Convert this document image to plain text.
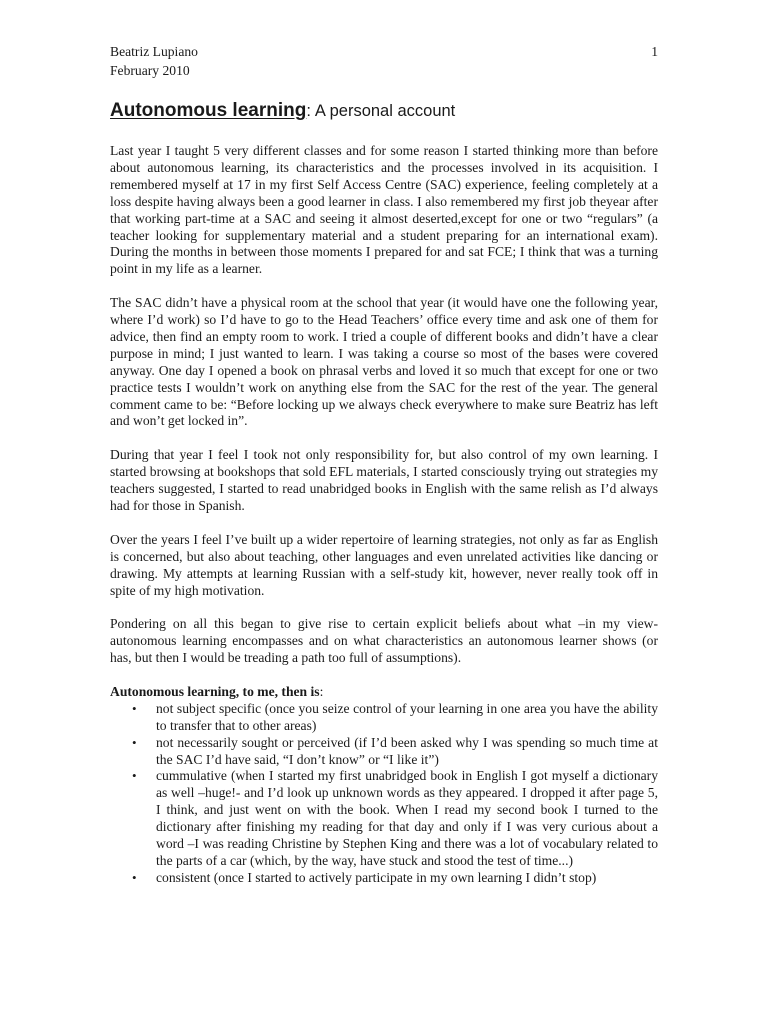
Beatriz Lupiano
February 2010
1
Autonomous learning: A personal account

Last year I taught 5 very different classes and for some reason I started thinking more than before about autonomous learning, its characteristics and the processes involved in its acquisition. I remembered myself at 17 in my first Self Access Centre (SAC) experience, feeling completely at a loss despite having always been a good learner in class. I also remembered my first job theyear after that working part-time at a SAC and seeing it almost deserted,except for one or two “regulars” (a teacher looking for supplementary material and a student preparing for an international exam). During the months in between those moments I prepared for and sat FCE; I think that was a turning point in my life as a learner.

The SAC didn’t have a physical room at the school that year (it would have one the following year, where I’d work) so I’d have to go to the Head Teachers’ office every time and ask one of them for advice, then find an empty room to work. I tried a couple of different books and didn’t have a clear purpose in mind; I just wanted to learn. I was taking a course so most of the bases were covered anyway. One day I opened a book on phrasal verbs and loved it so much that except for one or two practice tests I wouldn’t work on anything else from the SAC for the rest of the year. The general comment came to be: “Before locking up we always check everywhere to make sure Beatriz has left and won’t get locked in”.

During that year I feel I took not only responsibility for, but also control of my own learning. I started browsing at bookshops that sold EFL materials, I started consciously trying out strategies my teachers suggested, I started to read unabridged books in English with the same relish as I’d always had for those in Spanish.

Over the years I feel I’ve built up a wider repertoire of learning strategies, not only as far as English is concerned, but also about teaching, other languages and even unrelated activities like dancing or drawing. My attempts at learning Russian with a self-study kit, however, never really took off in spite of my high motivation.

Pondering on all this began to give rise to certain explicit beliefs about what –in my view- autonomous learning encompasses and on what characteristics an autonomous learner shows (or has, but then I would be treading a path too full of assumptions).

Autonomous learning, to me, then is:
• not subject specific (once you seize control of your learning in one area you have the ability to transfer that to other areas)
• not necessarily sought or perceived (if I’d been asked why I was spending so much time at the SAC I’d have said, “I don’t know” or “I like it”)
• cummulative (when I started my first unabridged book in English I got myself a dictionary as well –huge!- and I’d look up unknown words as they appeared. I dropped it after page 5, I think, and just went on with the book. When I read my second book I turned to the dictionary after finishing my reading for that day and only if I was very curious about a word –I was reading Christine by Stephen King and there was a lot of vocabulary related to the parts of a car (which, by the way, have stuck and stood the test of time...)
• consistent (once I started to actively participate in my own learning I didn’t stop)
